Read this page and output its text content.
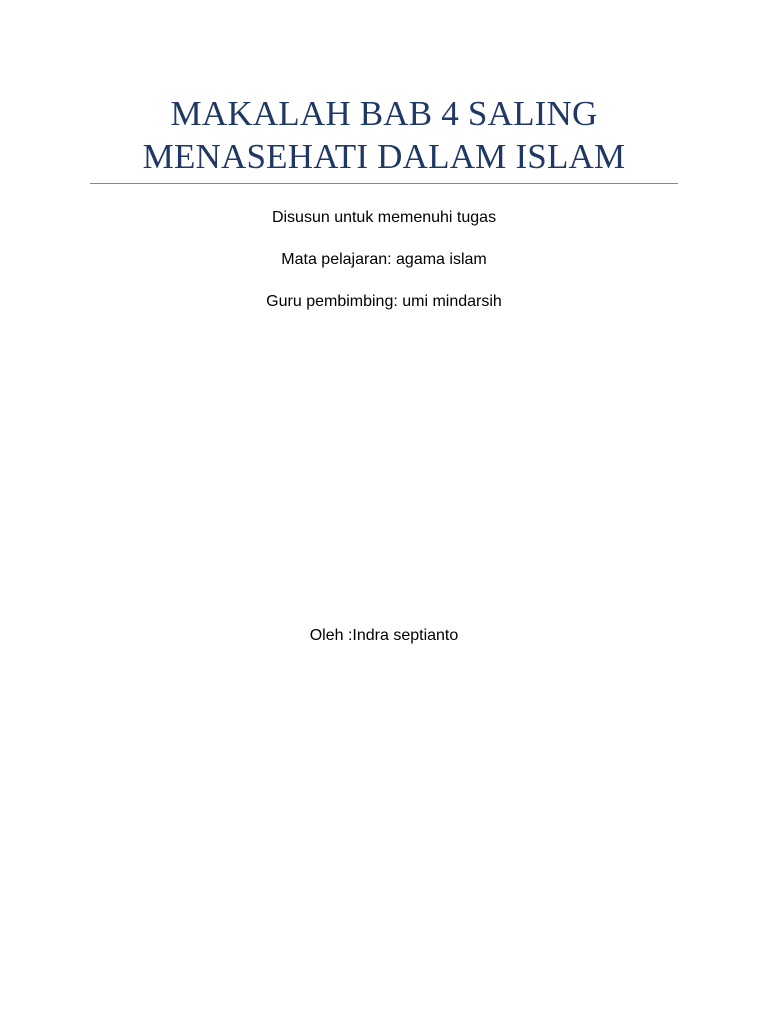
MAKALAH BAB 4 SALING
MENASEHATI DALAM ISLAM
Disusun untuk memenuhi tugas
Mata pelajaran: agama islam
Guru pembimbing: umi mindarsih
Oleh :Indra septianto
